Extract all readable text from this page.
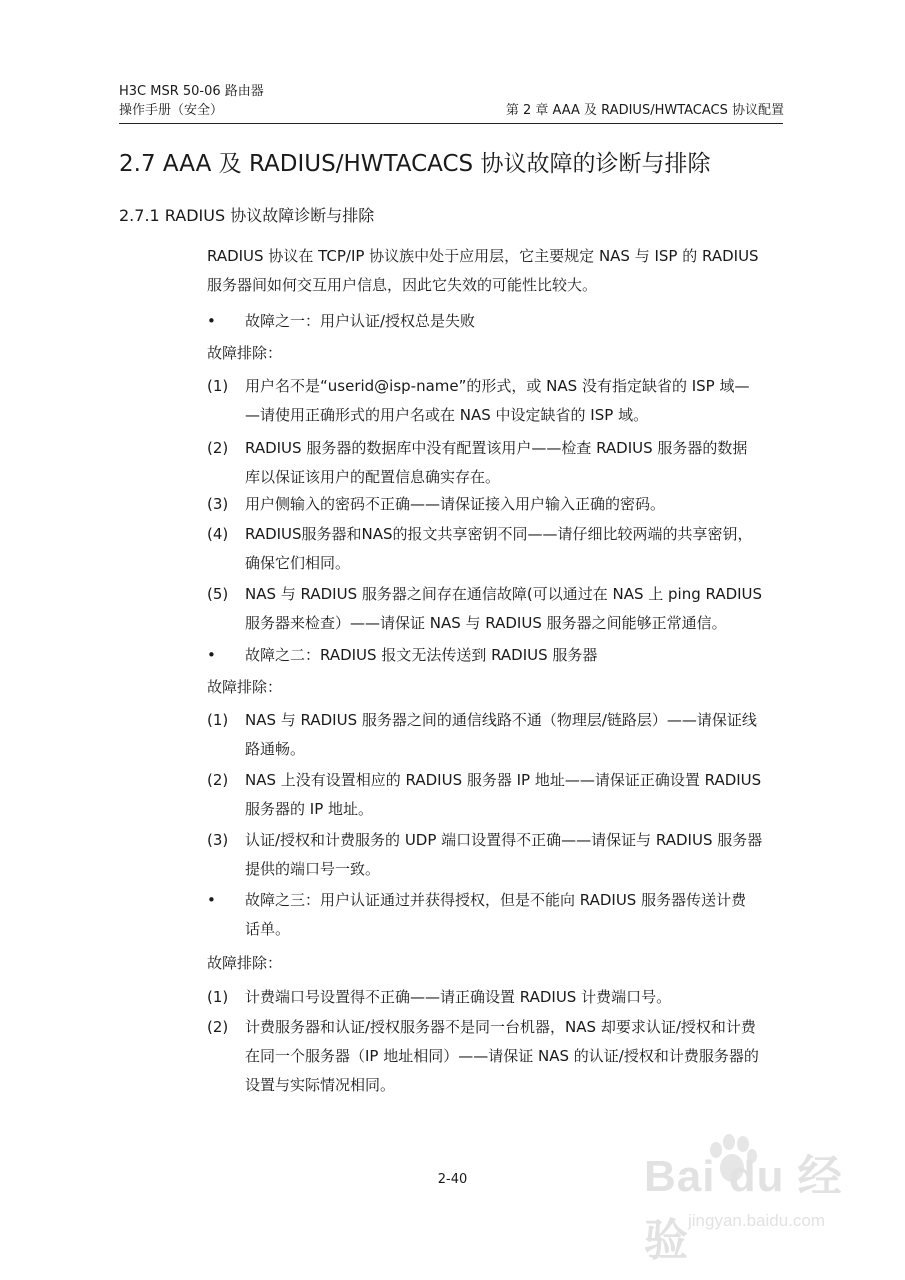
H3C MSR 50-06 路由器
操作手册（安全）	第 2 章 AAA 及 RADIUS/HWTACACS 协议配置
2.7 AAA 及 RADIUS/HWTACACS 协议故障的诊断与排除
2.7.1 RADIUS 协议故障诊断与排除
RADIUS 协议在 TCP/IP 协议族中处于应用层，它主要规定 NAS 与 ISP 的 RADIUS
服务器间如何交互用户信息，因此它失效的可能性比较大。
•	故障之一：用户认证/授权总是失败
故障排除：
(1) 用户名不是“userid@isp-name”的形式，或 NAS 没有指定缺省的 ISP 域—
—请使用正确形式的用户名或在 NAS 中设定缺省的 ISP 域。
(2) RADIUS 服务器的数据库中没有配置该用户——检查 RADIUS 服务器的数据
库以保证该用户的配置信息确实存在。
(3) 用户侧输入的密码不正确——请保证接入用户输入正确的密码。
(4) RADIUS服务器和NAS的报文共享密钥不同——请仔细比较两端的共享密钥，
确保它们相同。
(5) NAS 与 RADIUS 服务器之间存在通信故障(可以通过在 NAS 上 ping RADIUS
服务器来检查）——请保证 NAS 与 RADIUS 服务器之间能够正常通信。
•	故障之二：RADIUS 报文无法传送到 RADIUS 服务器
故障排除：
(1) NAS 与 RADIUS 服务器之间的通信线路不通（物理层/链路层）——请保证线
路通畅。
(2) NAS 上没有设置相应的 RADIUS 服务器 IP 地址——请保证正确设置 RADIUS
服务器的 IP 地址。
(3) 认证/授权和计费服务的 UDP 端口设置得不正确——请保证与 RADIUS 服务器
提供的端口号一致。
•	故障之三：用户认证通过并获得授权，但是不能向 RADIUS 服务器传送计费
话单。
故障排除：
(1) 计费端口号设置得不正确——请正确设置 RADIUS 计费端口号。
(2) 计费服务器和认证/授权服务器不是同一台机器，NAS 却要求认证/授权和计费
在同一个服务器（IP 地址相同）——请保证 NAS 的认证/授权和计费服务器的
设置与实际情况相同。
2-40	Bai du 经验 jingyan.baidu.com
